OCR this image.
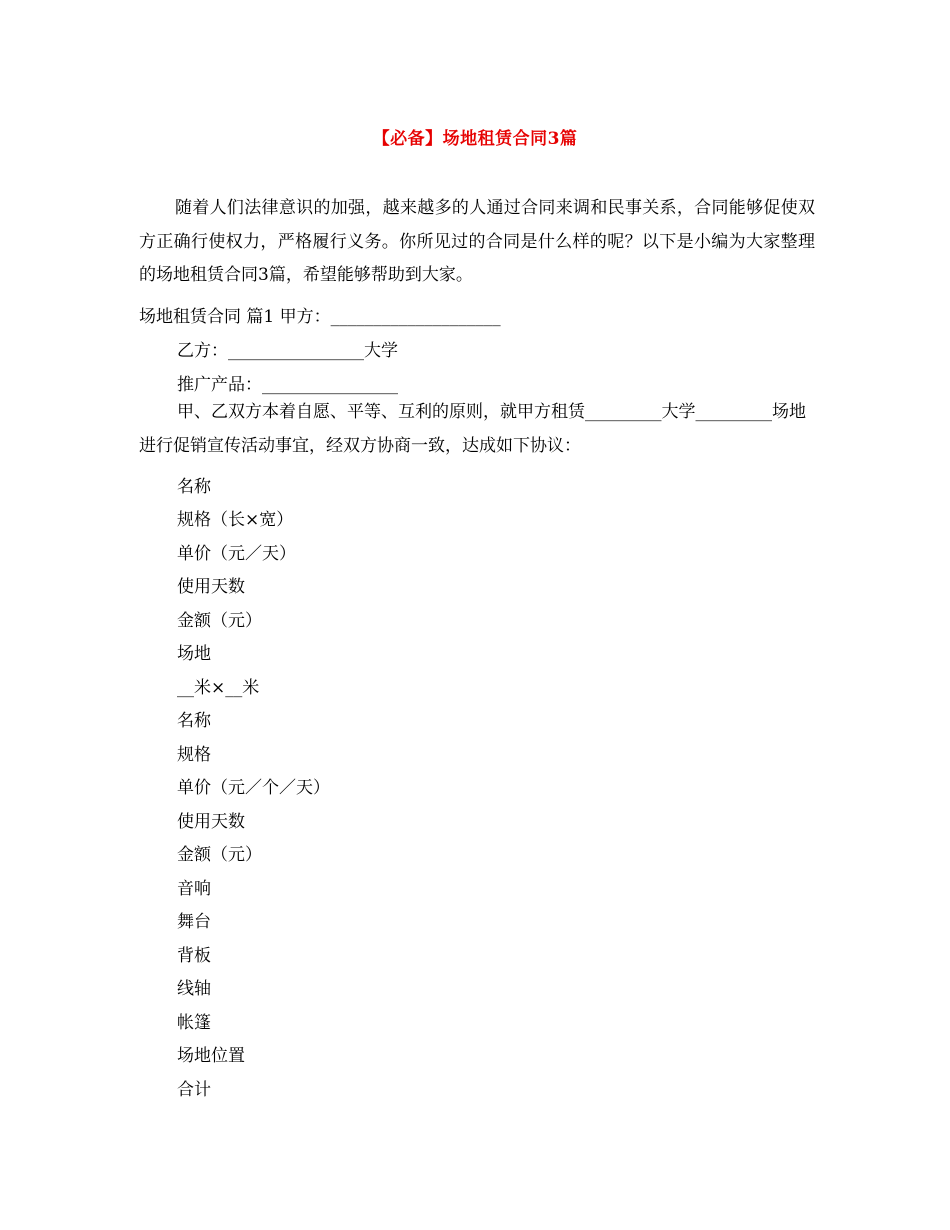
【必备】场地租赁合同3篇
随着人们法律意识的加强，越来越多的人通过合同来调和民事关系，合同能够促使双方正确行使权力，严格履行义务。你所见过的合同是什么样的呢？以下是小编为大家整理的场地租赁合同3篇，希望能够帮助到大家。
场地租赁合同 篇1 甲方：____________________
乙方：________________大学
推广产品：________________
甲、乙双方本着自愿、平等、互利的原则，就甲方租赁_________大学_________场地进行促销宣传活动事宜，经双方协商一致，达成如下协议：
名称
规格（长×宽）
单价（元／天）
使用天数
金额（元）
场地
__米×__米
名称
规格
单价（元／个／天）
使用天数
金额（元）
音响
舞台
背板
线轴
帐篷
场地位置
合计
